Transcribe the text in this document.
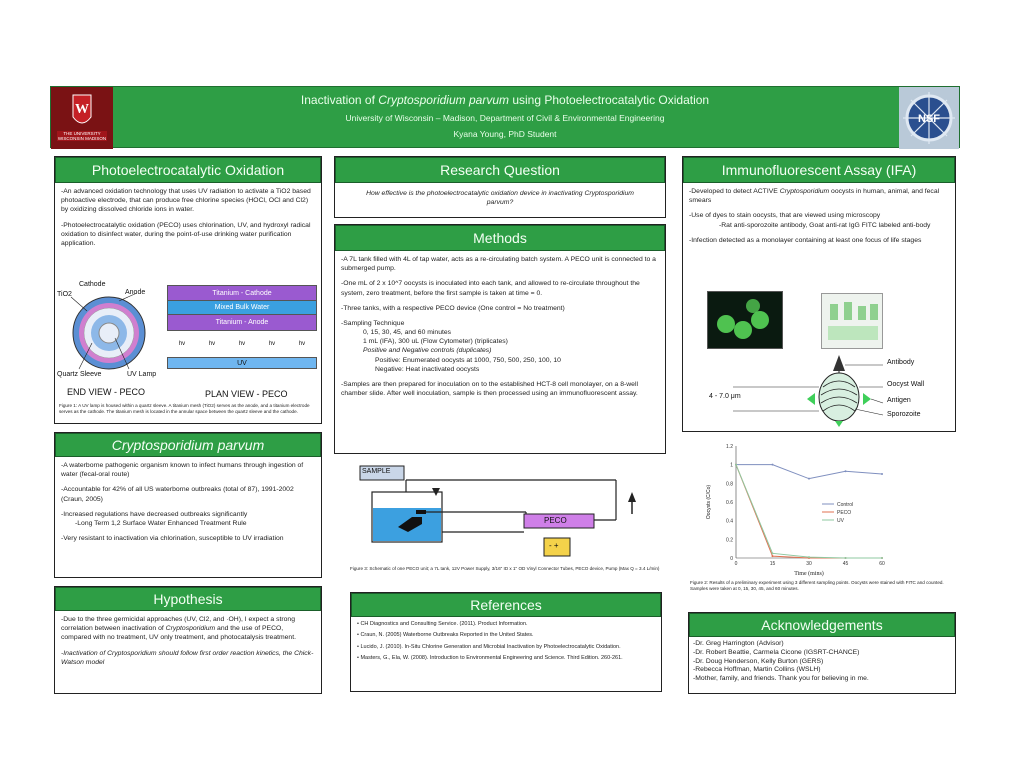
W
THE UNIVERSITY WISCONSIN MADISON
Inactivation of Cryptosporidium parvum using Photoelectrocatalytic Oxidation
University of Wisconsin – Madison, Department of Civil & Environmental Engineering
Kyana Young, PhD Student
NSF
Photoelectrocatalytic Oxidation

-An advanced oxidation technology that uses UV radiation to activate a TiO2 based photoactive electrode, that can produce free chlorine species (HOCl, OCl and Cl2) by oxidizing dissolved chloride ions in water.

-Photoelectrocatalytic oxidation (PECO) uses chlorination, UV, and hydroxyl radical oxidation to disinfect water, during the point-of-use drinking water purification application.

TiO2
Cathode
Anode
Quartz Sleeve	UV Lamp
END VIEW - PECO
Titanium - Cathode
Mixed Bulk Water
Titanium - Anode
hv	hv	hv	hv	hv
UV
PLAN VIEW - PECO
Figure 1: A UV lamp is housed within a quartz sleeve. A titanium mesh (TiO2) serves as the anode, and a titanium electrode serves as the cathode. The titanium mesh is located in the annular space between the quartz sleeve and the cathode.
Cryptosporidium parvum

-A waterborne pathogenic organism known to infect humans through ingestion of water (fecal-oral route)

-Accountable for 42% of all US waterborne outbreaks (total of 87), 1991-2002 (Craun, 2005)

-Increased regulations have decreased outbreaks significantly

-Long Term 1,2 Surface Water Enhanced Treatment Rule

-Very resistant to inactivation via chlorination, susceptible to UV irradiation

Hypothesis

-Due to the three germicidal approaches (UV, Cl2, and ·OH), I expect a strong correlation between inactivation of Cryptosporidium and the use of PECO, compared with no treatment, UV only treatment, and photocatalysis treatment.

-Inactivation of Cryptosporidium should follow first order reaction kinetics, the Chick-Watson model

Research Question
How effective is the photoelectrocatalytic oxidation device in inactivating Cryptosporidium parvum?
Methods

-A 7L tank filled with 4L of tap water, acts as a re-circulating batch system. A PECO unit is connected to a submerged pump.

-One mL of 2 x 10^7 oocysts is inoculated into each tank, and allowed to re-circulate throughout the system, zero treatment, before the first sample is taken at time = 0.

-Three tanks, with a respective PECO device (One control = No treatment)

-Sampling Technique
0, 15, 30, 45, and 60 minutes
1 mL (IFA), 300 uL (Flow Cytometer) (triplicates)
Positive and Negative controls (duplicates)
Positive: Enumerated oocysts at 1000, 750, 500, 250, 100, 10
Negative: Heat inactivated oocysts

-Samples are then prepared for inoculation on to the established HCT-8 cell monolayer, on a 8-well chamber slide. After well inoculation, sample is then processed using an immunofluorescent assay.

SAMPLE
PECO
- +
Figure 3: Schematic of one PECO unit; a 7L tank, 12V Power Supply, 3/16" ID x 1" OD Vinyl Connector Tubes, PECO device, Pump (Max Q = 3.4 L/min)
References
• CH Diagnostics and Consulting Service. (2011). Product Information.
• Craun, N. (2005) Waterborne Outbreaks Reported in the United States.
• Lucido, J. (2010). In-Situ Chlorine Generation and Microbial Inactivation by Photoelectrocatalytic Oxidation.
• Masters, G., Ela, W. (2008). Introduction to Environmental Engineering and Science. Third Edition. 260-261.
Immunofluorescent Assay (IFA)

-Developed to detect ACTIVE Cryptosporidium oocysts in human, animal, and fecal smears

-Use of dyes to stain oocysts, that are viewed using microscopy

-Rat anti-sporozoite antibody, Goat anti-rat IgG FITC labeled anti-body

-Infection detected as a monolayer containing at least one focus of life stages

Antibody
Oocyst Wall
Antigen
Sporozoite
4 - 7.0 μm
0
0.2
0.4
0.6
0.8
1
1.2
0	15	30	45	60
Time (mins)
Oocysts (C/Co)	Control
PECO
UV
Figure 2: Results of a preliminary experiment using 3 different sampling points. Oocysts were stained with FITC and counted. Samples were taken at 0, 15, 30, 45, and 60 minutes.
Acknowledgements
-Dr. Greg Harrington (Advisor)
-Dr. Robert Beattie, Carmela Cicone (IGSRT-CHANCE)
-Dr. Doug Henderson, Kelly Burton (GERS)
-Rebecca Hoffman, Martin Collins (WSLH)
-Mother, family, and friends. Thank you for believing in me.
